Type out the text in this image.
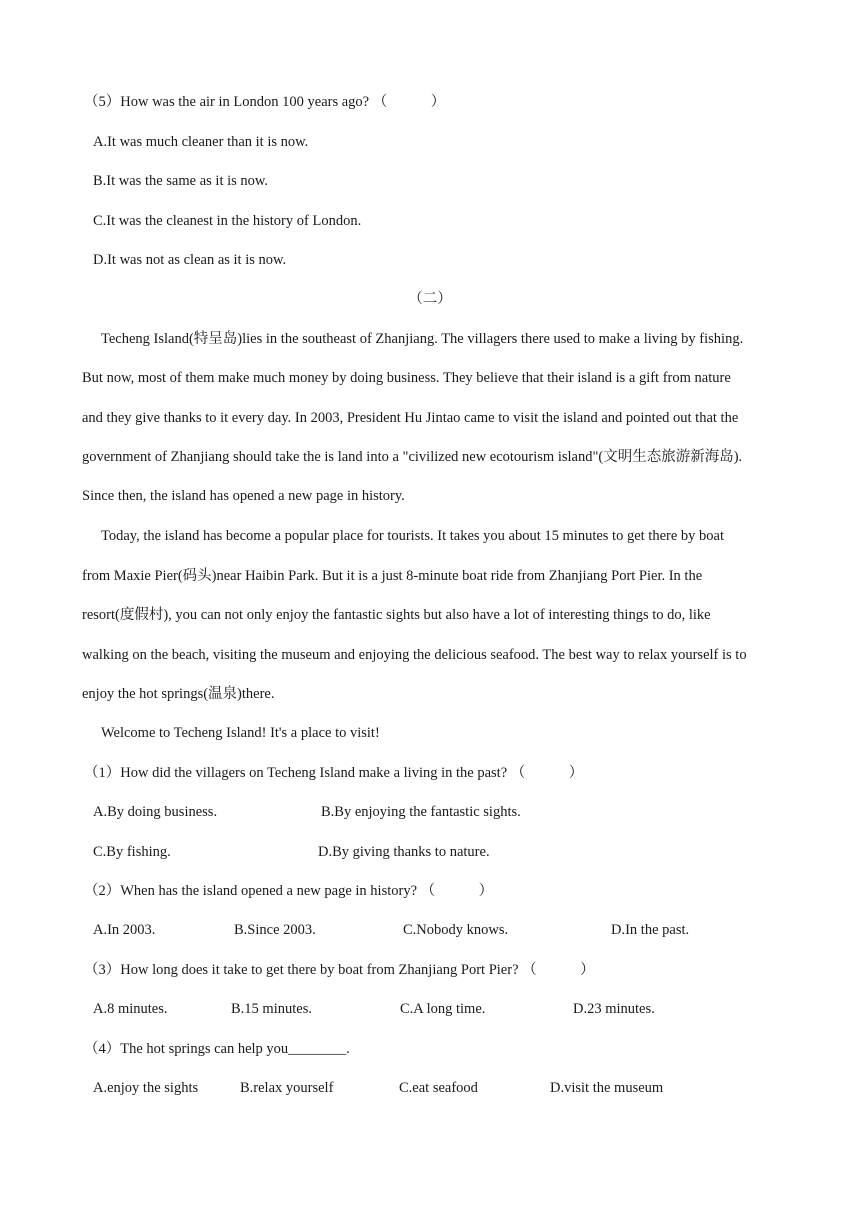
（5）How was the air in London 100 years ago? （　　　）
A.It was much cleaner than it is now.
B.It was the same as it is now.
C.It was the cleanest in the history of London.
D.It was not as clean as it is now.
（二）
Techeng Island(特呈岛)lies in the southeast of Zhanjiang. The villagers there used to make a living by fishing.
But now, most of them make much money by doing business. They believe that their island is a gift from nature
and they give thanks to it every day. In 2003, President Hu Jintao came to visit the island and pointed out that the
government of Zhanjiang should take the is land into a "civilized new ecotourism island"(文明生态旅游新海岛).
Since then, the island has opened a new page in history.
Today, the island has become a popular place for tourists. It takes you about 15 minutes to get there by boat
from Maxie Pier(码头)near Haibin Park. But it is a just 8-minute boat ride from Zhanjiang Port Pier. In the
resort(度假村), you can not only enjoy the fantastic sights but also have a lot of interesting things to do, like
walking on the beach, visiting the museum and enjoying the delicious seafood. The best way to relax yourself is to
enjoy the hot springs(温泉)there.
Welcome to Techeng Island! It's a place to visit!
（1）How did the villagers on Techeng Island make a living in the past? （　　　）
A.By doing business.	B.By enjoying the fantastic sights.
C.By fishing.	D.By giving thanks to nature.
（2）When has the island opened a new page in history? （　　　）
A.In 2003.	B.Since 2003.	C.Nobody knows.	D.In the past.
（3）How long does it take to get there by boat from Zhanjiang Port Pier? （　　　）
A.8 minutes.	B.15 minutes.	C.A long time.	D.23 minutes.
（4）The hot springs can help you________.
A.enjoy the sights	B.relax yourself	C.eat seafood	D.visit the museum
